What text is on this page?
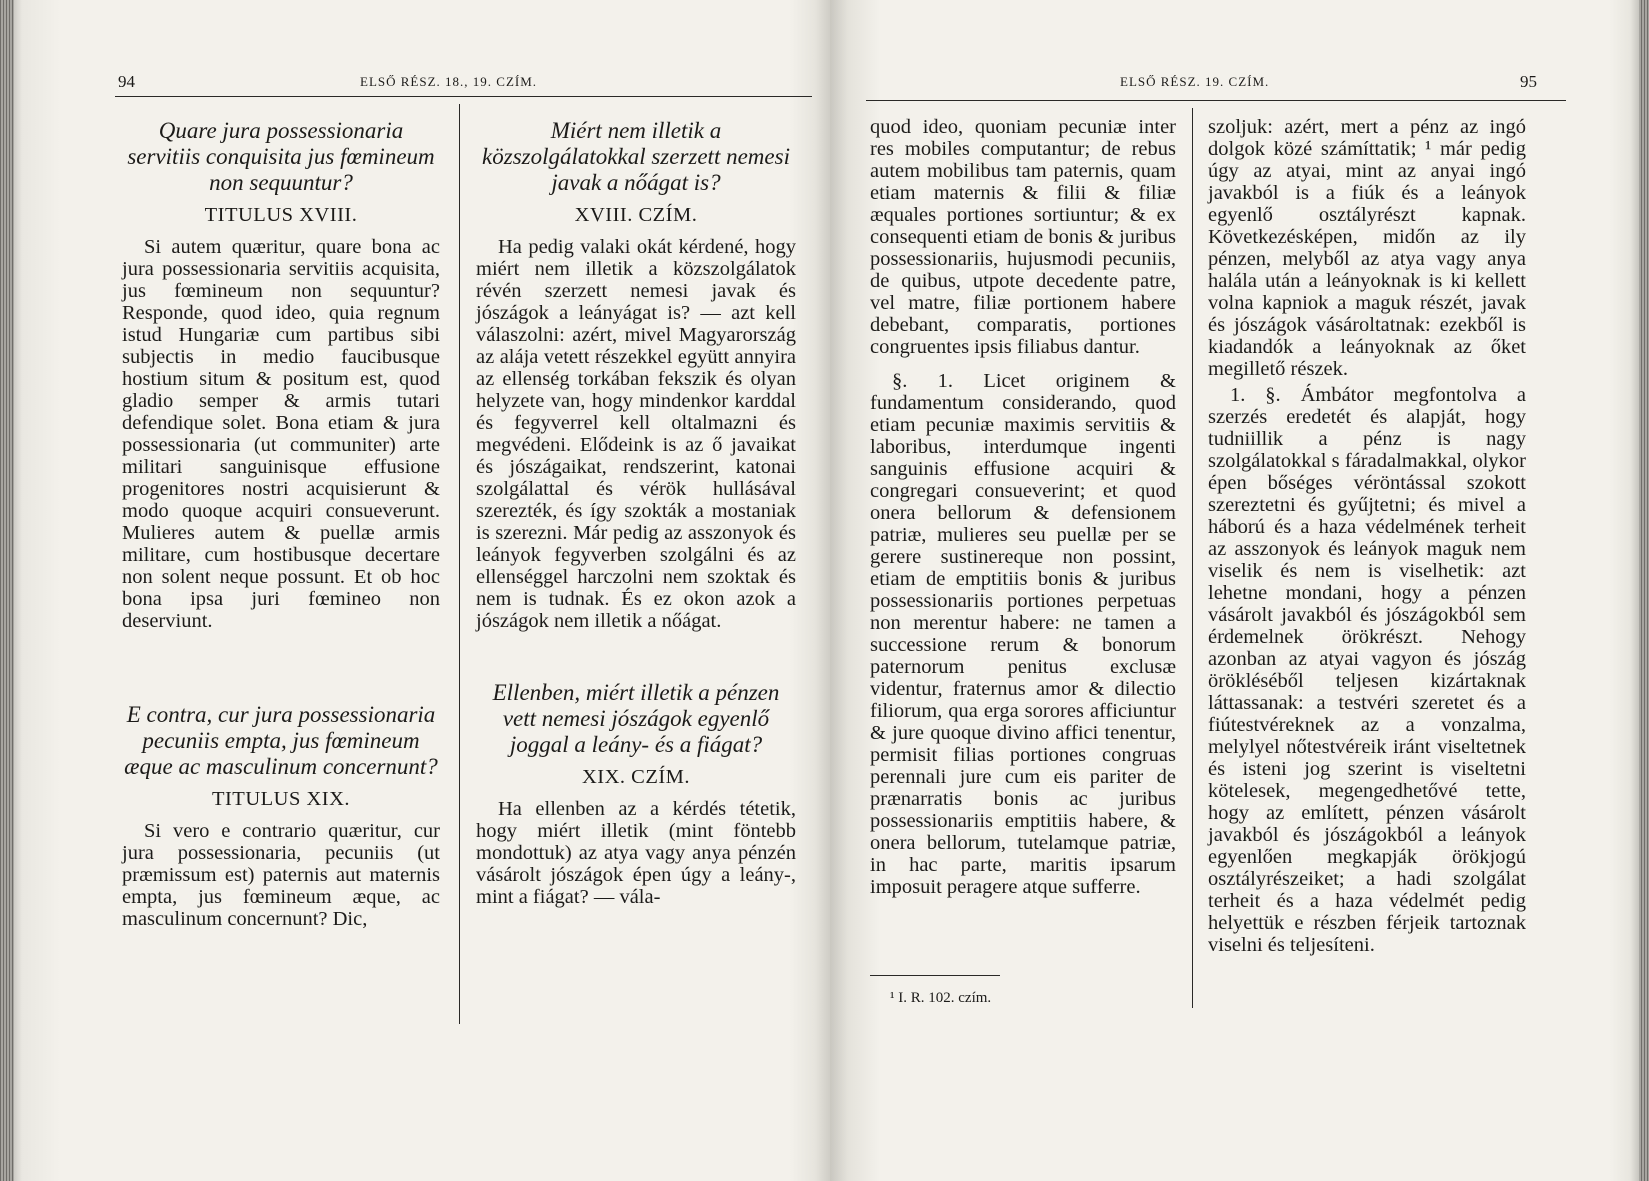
94	ELSŐ RÉSZ. 18., 19. CZÍM.

Quare jura possessionaria servitiis conquisita jus fœmineum non sequuntur?

TITULUS XVIII.

Si autem quæritur, quare bona ac jura possessionaria servitiis acquisita, jus fœmineum non sequuntur? Responde, quod ideo, quia regnum istud Hungariæ cum partibus sibi subjectis in medio faucibusque hostium situm & positum est, quod gladio semper & armis tutari defendique solet. Bona etiam & jura possessionaria (ut communiter) arte militari sanguinisque effusione progenitores nostri acquisierunt & modo quoque acquiri consueverunt. Mulieres autem & puellæ armis militare, cum hostibusque decertare non solent neque possunt. Et ob hoc bona ipsa juri fœmineo non deserviunt.

E contra, cur jura possessionaria pecuniis empta, jus fœmineum æque ac masculinum concernunt?

TITULUS XIX.

Si vero e contrario quæritur, cur jura possessionaria, pecuniis (ut præmissum est) paternis aut maternis empta, jus fœmineum æque, ac masculinum concernunt? Dic,

Miért nem illetik a közszolgálatokkal szerzett nemesi javak a nőágat is?

XVIII. CZÍM.

Ha pedig valaki okát kérdené, hogy miért nem illetik a közszolgálatok révén szerzett nemesi javak és jószágok a leányágat is? — azt kell válaszolni: azért, mivel Magyarország az alája vetett részekkel együtt annyira az ellenség torkában fekszik és olyan helyzete van, hogy mindenkor karddal és fegyverrel kell oltalmazni és megvédeni. Elődeink is az ő javaikat és jószágaikat, rendszerint, katonai szolgálattal és vérök hullásával szerezték, és így szokták a mostaniak is szerezni. Már pedig az asszonyok és leányok fegyverben szolgálni és az ellenséggel harczolni nem szoktak és nem is tudnak. És ez okon azok a jószágok nem illetik a nőágat.

Ellenben, miért illetik a pénzen vett nemesi jószágok egyenlő joggal a leány- és a fiágat?

XIX. CZÍM.

Ha ellenben az a kérdés tétetik, hogy miért illetik (mint föntebb mondottuk) az atya vagy anya pénzén vásárolt jószágok épen úgy a leány-, mint a fiágat? — vála-

ELSŐ RÉSZ. 19. CZÍM.	95

quod ideo, quoniam pecuniæ inter res mobiles computantur; de rebus autem mobilibus tam paternis, quam etiam maternis & filii & filiæ æquales portiones sortiuntur; & ex consequenti etiam de bonis & juribus possessionariis, hujusmodi pecuniis, de quibus, utpote decedente patre, vel matre, filiæ portionem habere debebant, comparatis, portiones congruentes ipsis filiabus dantur.

§. 1. Licet originem & fundamentum considerando, quod etiam pecuniæ maximis servitiis & laboribus, interdumque ingenti sanguinis effusione acquiri & congregari consueverint; et quod onera bellorum & defensionem patriæ, mulieres seu puellæ per se gerere sustinereque non possint, etiam de emptitiis bonis & juribus possessionariis portiones perpetuas non merentur habere: ne tamen a successione rerum & bonorum paternorum penitus exclusæ videntur, fraternus amor & dilectio filiorum, qua erga sorores afficiuntur & jure quoque divino affici tenentur, permisit filias portiones congruas perennali jure cum eis pariter de prænarratis bonis ac juribus possessionariis emptitiis habere, & onera bellorum, tutelamque patriæ, in hac parte, maritis ipsarum imposuit peragere atque sufferre.

¹ I. R. 102. czím.

szoljuk: azért, mert a pénz az ingó dolgok közé számíttatik; ¹ már pedig úgy az atyai, mint az anyai ingó javakból is a fiúk és a leányok egyenlő osztályrészt kapnak. Következésképen, midőn az ily pénzen, melyből az atya vagy anya halála után a leányoknak is ki kellett volna kapniok a maguk részét, javak és jószágok vásároltatnak: ezekből is kiadandók a leányoknak az őket megillető részek.

1. §. Ámbátor megfontolva a szerzés eredetét és alapját, hogy tudniillik a pénz is nagy szolgálatokkal s fáradalmakkal, olykor épen bőséges véröntással szokott szereztetni és gyűjtetni; és mivel a háború és a haza védelmének terheit az asszonyok és leányok maguk nem viselik és nem is viselhetik: azt lehetne mondani, hogy a pénzen vásárolt javakból és jószágokból sem érdemelnek örökrészt. Nehogy azonban az atyai vagyon és jószág örökléséből teljesen kizártaknak láttassanak: a testvéri szeretet és a fiútestvéreknek az a vonzalma, melylyel nőtestvéreik iránt viseltetnek és isteni jog szerint is viseltetni kötelesek, megengedhetővé tette, hogy az említett, pénzen vásárolt javakból és jószágokból a leányok egyenlően megkapják örökjogú osztályrészeiket; a hadi szolgálat terheit és a haza védelmét pedig helyettük e részben férjeik tartoznak viselni és teljesíteni.
